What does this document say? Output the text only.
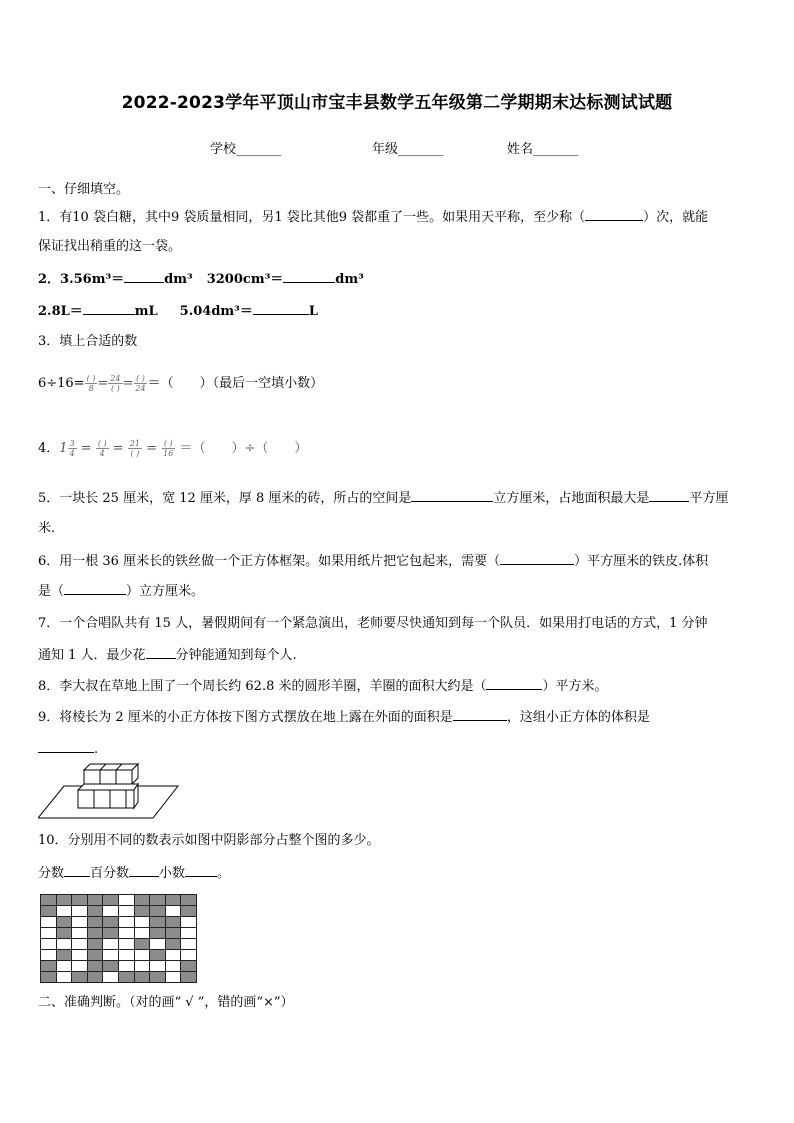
2022-2023学年平顶山市宝丰县数学五年级第二学期期末达标测试试题
学校_______	年级_______	姓名_______
一、仔细填空。
1．有10 袋白糖，其中9 袋质量相同，另1 袋比其他9 袋都重了一些。如果用天平称，至少称（	）次，就能
保证找出稍重的这一袋。
2．3.56m³＝	dm³ 3200cm³＝	dm³
2.8L＝	mL 5.04dm³＝	L
3．填上合适的数
$6\div 16= \frac{( )}{8} = \frac{24}{( )} = \frac{( )}{24}$ ＝（　　）（最后一空填小数）
4．$1 \frac{3}{4} = \frac{( )}{4} = \frac{21}{( )} = \frac{( )}{16}$ ＝（　　）÷（　　）
5．一块长 25 厘米，宽 12 厘米，厚 8 厘米的砖，所占的空间是	立方厘米，占地面积最大是	平方厘
米.
6．用一根 36 厘米长的铁丝做一个正方体框架。如果用纸片把它包起来，需要（	）平方厘米的铁皮.体积
是（	）立方厘米。
7．一个合唱队共有 15 人，暑假期间有一个紧急演出，老师要尽快通知到每一个队员．如果用打电话的方式，1 分钟
通知 1 人．最少花 分钟能通知到每个人.
8．李大叔在草地上围了一个周长约 62.8 米的圆形羊圈，羊圈的面积大约是（	）平方米。
9．将棱长为 2 厘米的小正方体按下图方式摆放在地上露在外面的面积是	，这组小正方体的体积是
.
10．分别用不同的数表示如图中阴影部分占整个图的多少。
分数 百分数 小数 。
二、准确判断。（对的画“ √ ”，错的画“×”）
